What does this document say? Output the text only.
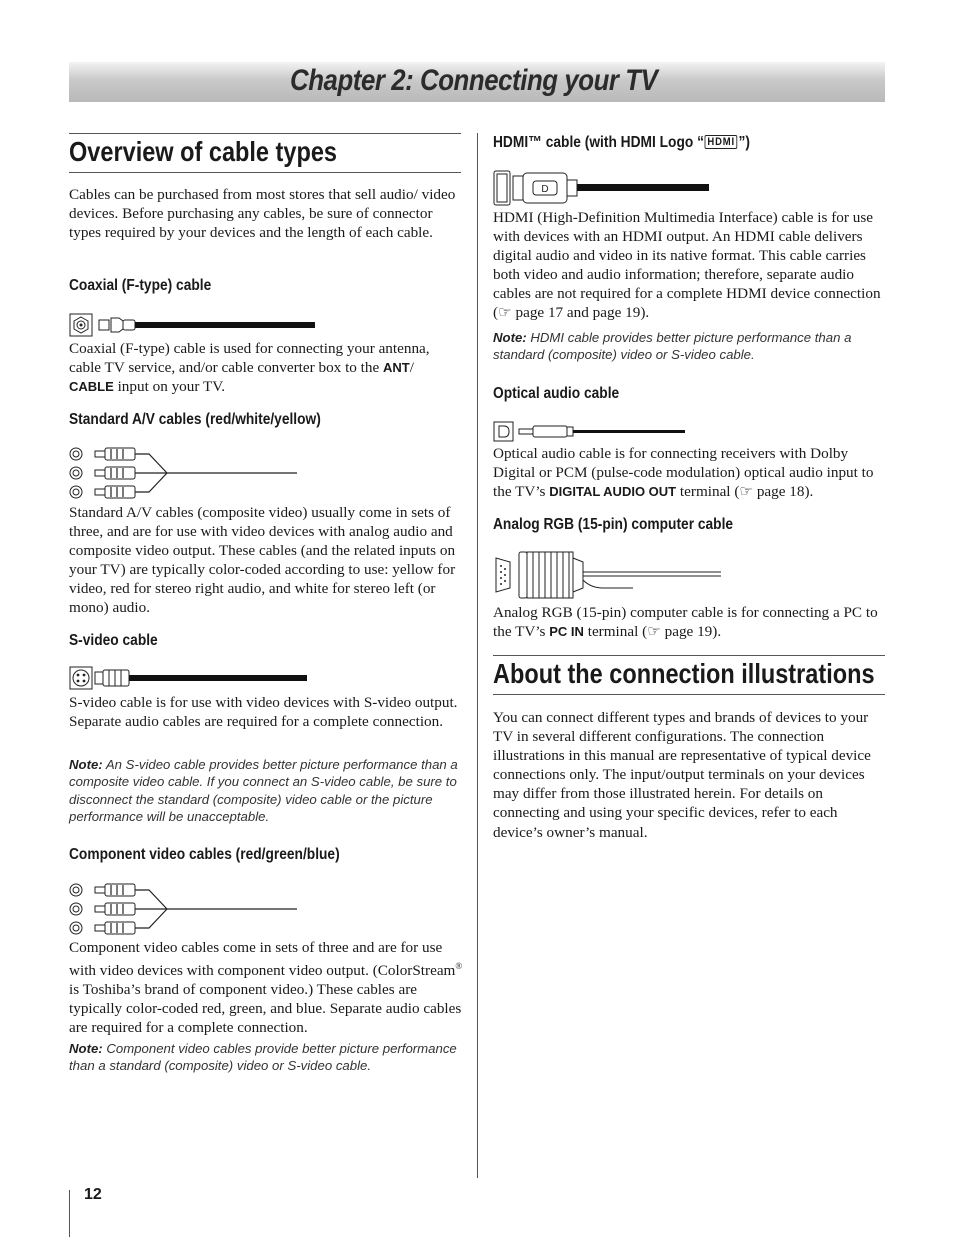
Chapter 2: Connecting your TV
Overview of cable types

Cables can be purchased from most stores that sell audio/ video devices. Before purchasing any cables, be sure of connector types required by your devices and the length of each cable.

Coaxial (F-type) cable

Coaxial (F-type) cable is used for connecting your antenna, cable TV service, and/or cable converter box to the ANT/
CABLE input on your TV.

Standard A/V cables (red/white/yellow)

Standard A/V cables (composite video) usually come in sets of three, and are for use with video devices with analog audio and composite video output. These cables (and the related inputs on your TV) are typically color-coded according to use: yellow for video, red for stereo right audio, and white for stereo left (or mono) audio.

S-video cable

S-video cable is for use with video devices with S-video output. Separate audio cables are required for a complete connection.

Note: An S-video cable provides better picture performance than a composite video cable. If you connect an S-video cable, be sure to disconnect the standard (composite) video cable or the picture performance will be unacceptable.

Component video cables (red/green/blue)

Component video cables come in sets of three and are for use with video devices with component video output. (ColorStream® is Toshiba’s brand of component video.) These cables are typically color-coded red, green, and blue. Separate audio cables are required for a complete connection.

Note: Component video cables provide better picture performance than a standard (composite) video or S-video cable.

HDMI™ cable (with HDMI Logo “ HDMI ”)
D

HDMI (High-Definition Multimedia Interface) cable is for use with devices with an HDMI output. An HDMI cable delivers digital audio and video in its native format. This cable carries both video and audio information; therefore, separate audio cables are not required for a complete HDMI device connection (☞ page 17 and page 19).

Note: HDMI cable provides better picture performance than a standard (composite) video or S-video cable.

Optical audio cable

Optical audio cable is for connecting receivers with Dolby Digital or PCM (pulse-code modulation) optical audio input to the TV’s DIGITAL AUDIO OUT terminal (☞ page 18).

Analog RGB (15-pin) computer cable

Analog RGB (15-pin) computer cable is for connecting a PC to the TV’s PC IN terminal (☞ page 19).

About the connection illustrations

You can connect different types and brands of devices to your TV in several different configurations. The connection illustrations in this manual are representative of typical device connections only. The input/output terminals on your devices may differ from those illustrated herein. For details on connecting and using your specific devices, refer to each device’s owner’s manual.

12
